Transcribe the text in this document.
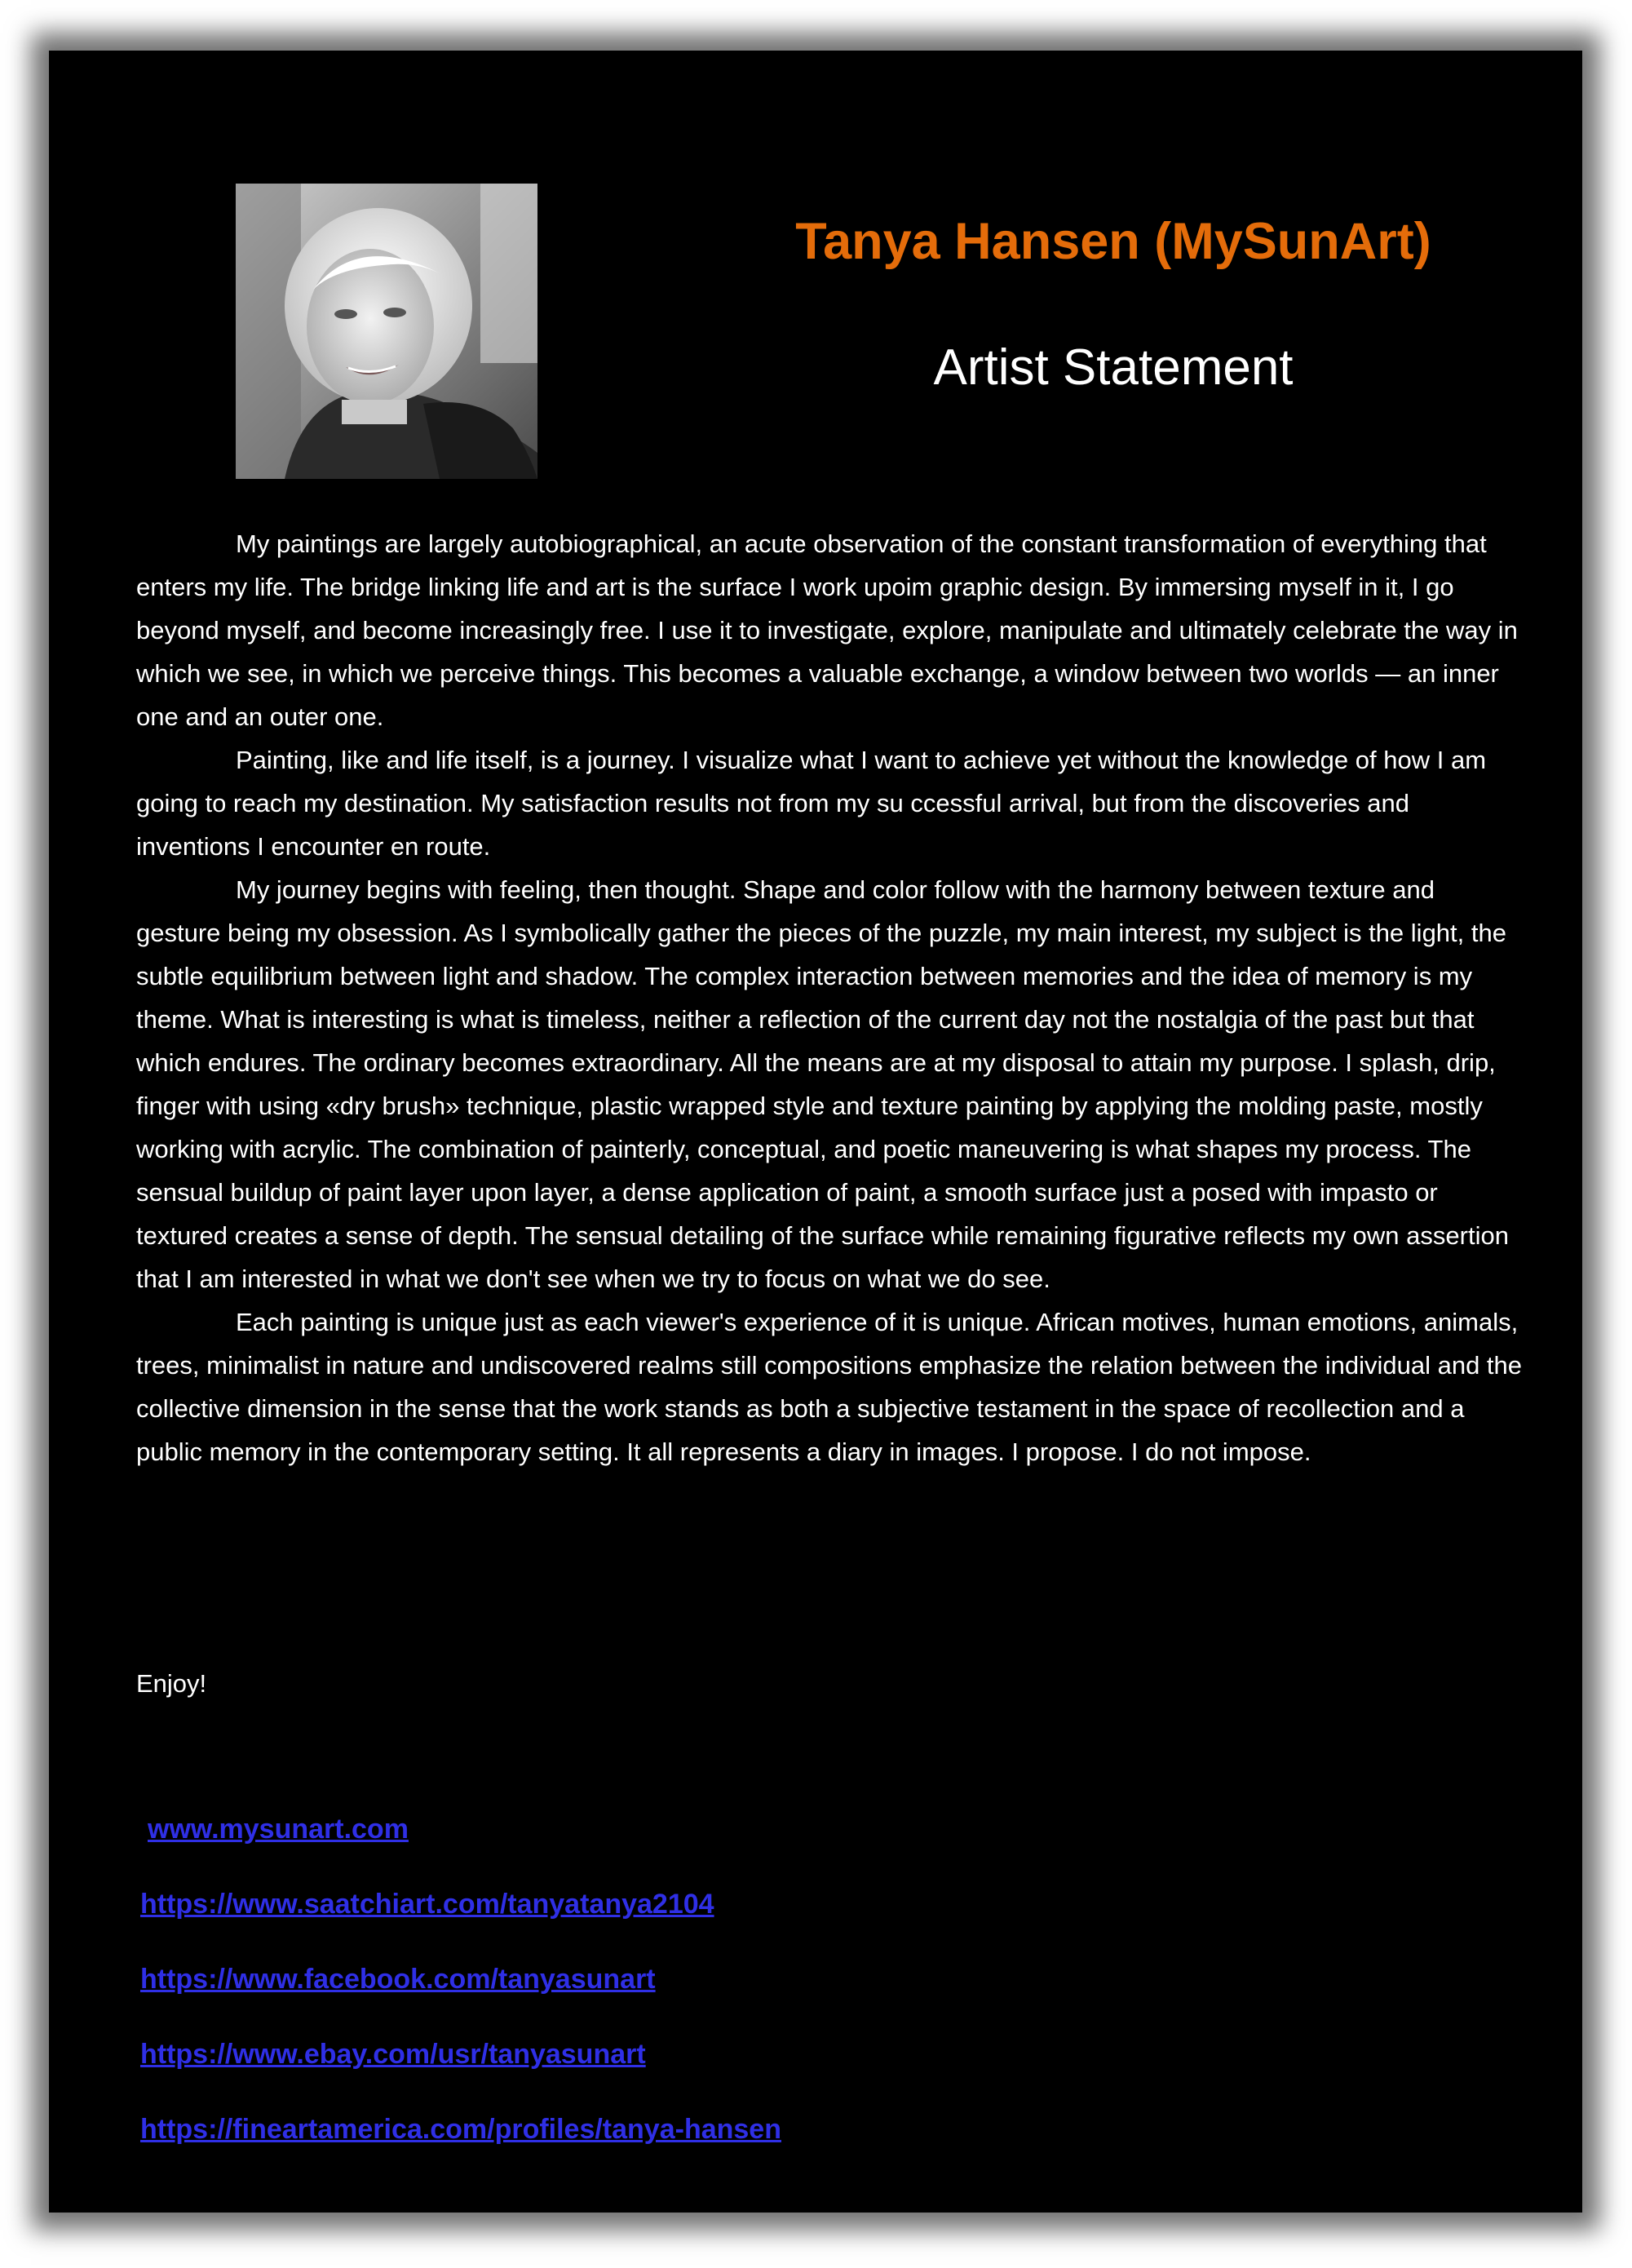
Tanya Hansen (MySunArt)
Artist Statement

My paintings are largely autobiographical, an acute observation of the constant transformation of everything that enters my life. The bridge linking life and art is the surface I work upoim graphic design. By immersing myself in it, I go beyond myself, and become increasingly free. I use it to investigate, explore, manipulate and ultimately celebrate the way in which we see, in which we perceive things. This becomes a valuable exchange, a window between two worlds — an inner one and an outer one.

Painting, like and life itself, is a journey. I visualize what I want to achieve yet without the knowledge of how I am going to reach my destination. My satisfaction results not from my su ccessful arrival, but from the discoveries and inventions I encounter en route.

My journey begins with feeling, then thought. Shape and color follow with the harmony between texture and gesture being my obsession. As I symbolically gather the pieces of the puzzle, my main interest, my subject is the light, the subtle equilibrium between light and shadow. The complex interaction between memories and the idea of memory is my theme. What is interesting is what is timeless, neither a reflection of the current day not the nostalgia of the past but that which endures. The ordinary becomes extraordinary. All the means are at my disposal to attain my purpose. I splash, drip, finger with using «dry brush» technique, plastic wrapped style and texture painting by applying the molding paste, mostly working with acrylic. The combination of painterly, conceptual, and poetic maneuvering is what shapes my process. The sensual buildup of paint layer upon layer, a dense application of paint, a smooth surface just a posed with impasto or textured creates a sense of depth. The sensual detailing of the surface while remaining figurative reflects my own assertion that I am interested in what we don't see when we try to focus on what we do see.

Each painting is unique just as each viewer's experience of it is unique. African motives, human emotions, animals, trees, minimalist in nature and undiscovered realms still compositions emphasize the relation between the individual and the collective dimension in the sense that the work stands as both a subjective testament in the space of recollection and a public memory in the contemporary setting. It all represents a diary in images. I propose. I do not impose.

Enjoy!

www.mysunart.com
https://www.saatchiart.com/tanyatanya2104
https://www.facebook.com/tanyasunart
https://www.ebay.com/usr/tanyasunart
https://fineartamerica.com/profiles/tanya-hansen
